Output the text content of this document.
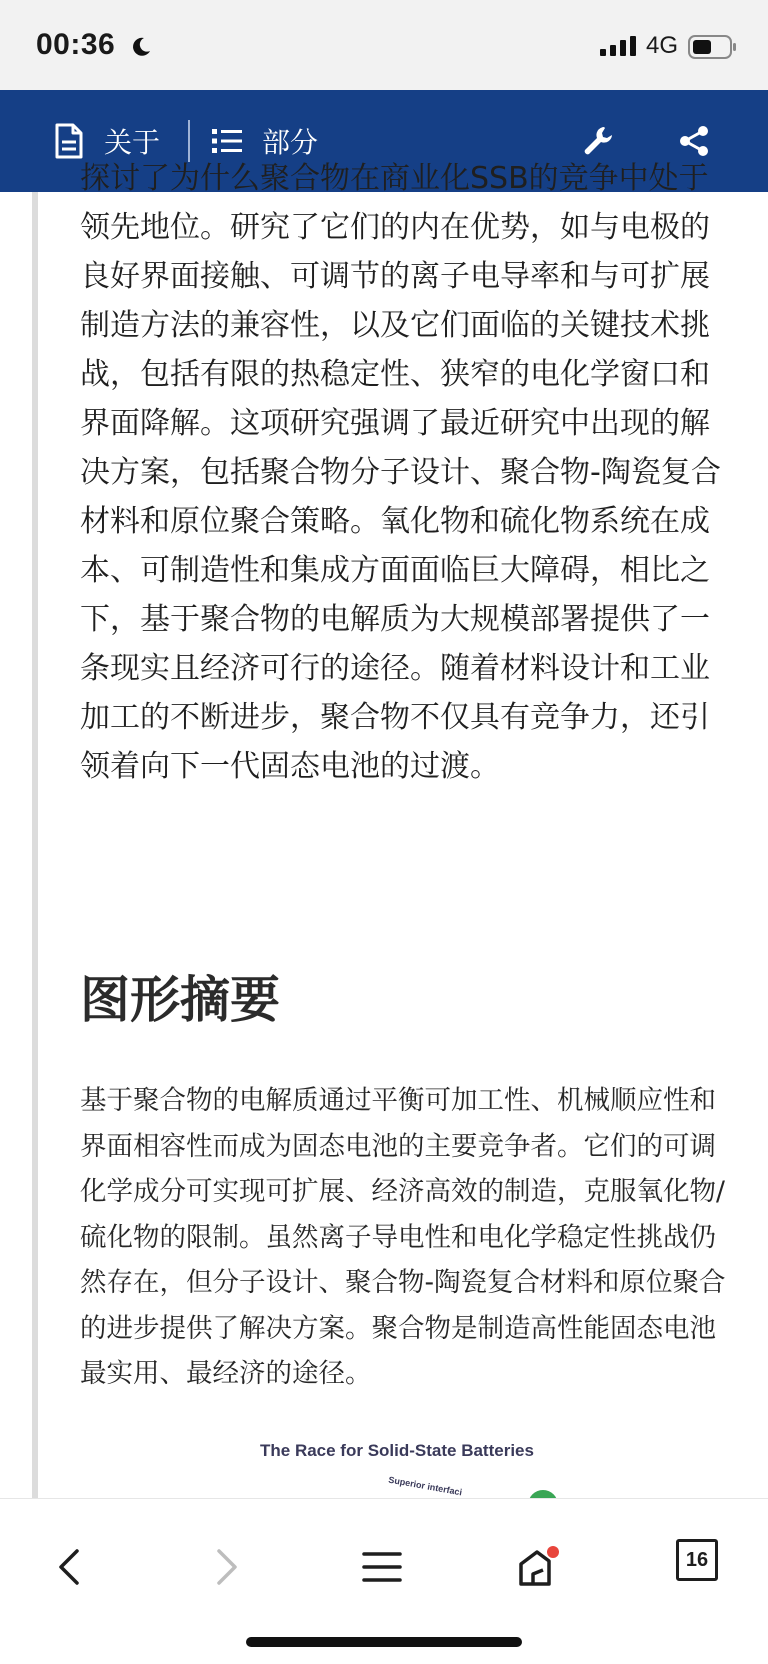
00:36	4G
关于	部分

探讨了为什么聚合物在商业化SSB的竞争中处于领先地位。研究了它们的内在优势，如与电极的良好界面接触、可调节的离子电导率和与可扩展制造方法的兼容性，以及它们面临的关键技术挑战，包括有限的热稳定性、狭窄的电化学窗口和界面降解。这项研究强调了最近研究中出现的解决方案，包括聚合物分子设计、聚合物-陶瓷复合材料和原位聚合策略。氧化物和硫化物系统在成本、可制造性和集成方面面临巨大障碍，相比之下，基于聚合物的电解质为大规模部署提供了一条现实且经济可行的途径。随着材料设计和工业加工的不断进步，聚合物不仅具有竞争力，还引领着向下一代固态电池的过渡。

图形摘要

基于聚合物的电解质通过平衡可加工性、机械顺应性和界面相容性而成为固态电池的主要竞争者。它们的可调化学成分可实现可扩展、经济高效的制造，克服氧化物/硫化物的限制。虽然离子导电性和电化学稳定性挑战仍然存在，但分子设计、聚合物-陶瓷复合材料和原位聚合的进步提供了解决方案。聚合物是制造高性能固态电池最实用、最经济的途径。

The Race for Solid-State Batteries
Superior interfaci
16
